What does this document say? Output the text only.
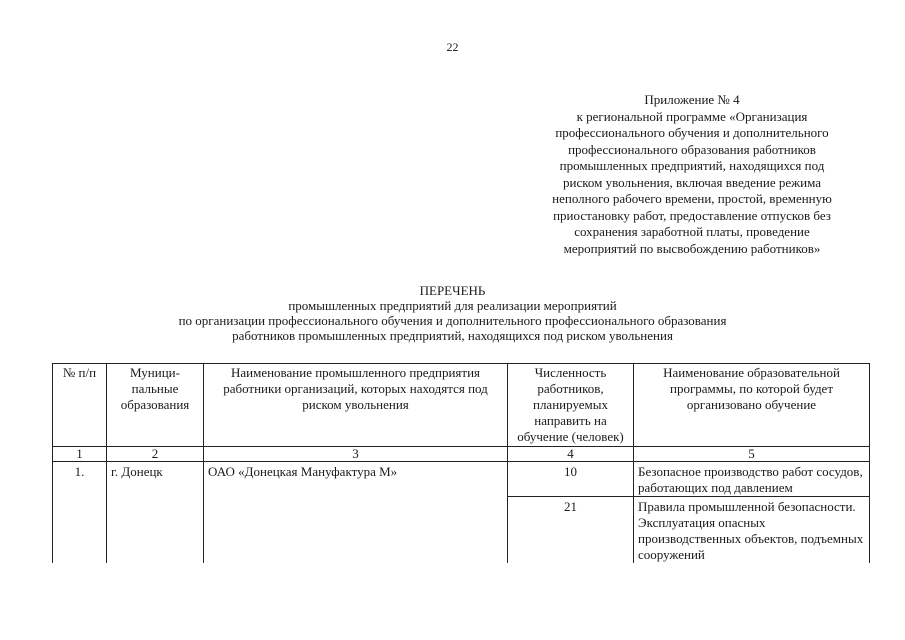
22
Приложение № 4
к региональной программе «Организация
профессионального обучения и дополнительного
профессионального образования работников
промышленных предприятий, находящихся под
риском увольнения, включая введение режима
неполного рабочего времени, простой, временную
приостановку работ, предоставление отпусков без
сохранения заработной платы, проведение
мероприятий по высвобождению работников»
ПЕРЕЧЕНЬ
промышленных предприятий для реализации мероприятий
по организации профессионального обучения и дополнительного профессионального образования
работников промышленных предприятий, находящихся под риском увольнения
№ п/п	Муници-пальные образования	Наименование промышленного предприятия работники организаций, которых находятся под риском увольнения	Численность работников, планируемых направить на обучение (человек)	Наименование образовательной программы, по которой будет организовано обучение
1	2	3	4	5
1.	г. Донецк	ОАО «Донецкая Мануфактура М»	10	Безопасное производство работ сосудов, работающих под давлением
			21	Правила промышленной безопасности. Эксплуатация опасных производственных объектов, подъемных сооружений
